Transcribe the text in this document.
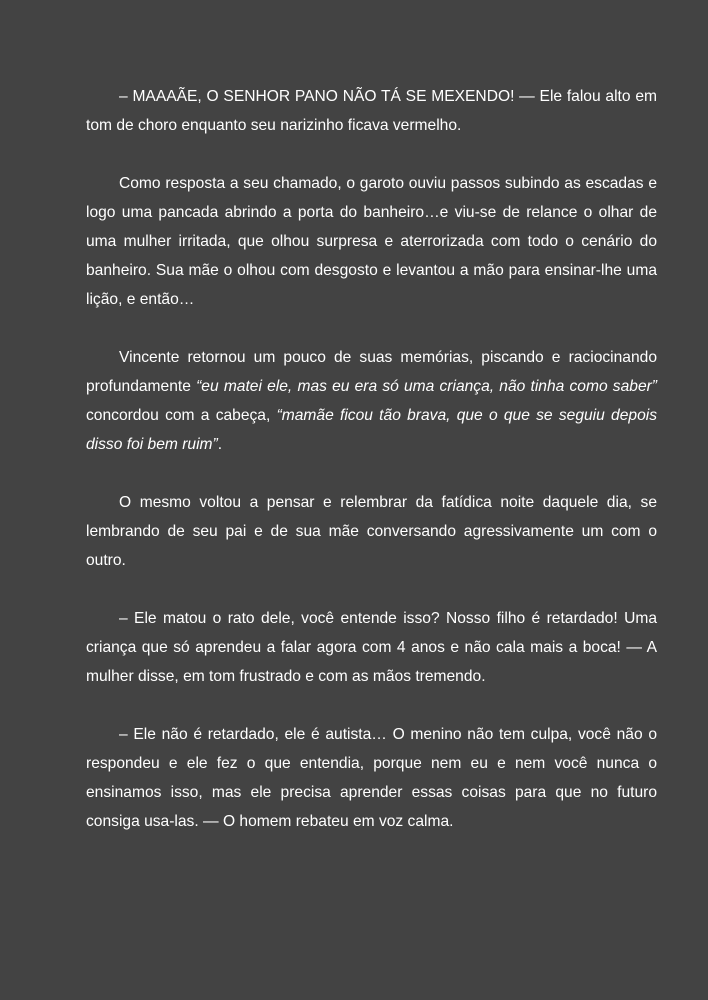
– MAAAÃE, O SENHOR PANO NÃO TÁ SE MEXENDO! — Ele falou alto em tom de choro enquanto seu narizinho ficava vermelho.

Como resposta a seu chamado, o garoto ouviu passos subindo as escadas e logo uma pancada abrindo a porta do banheiro…e viu-se de relance o olhar de uma mulher irritada, que olhou surpresa e aterrorizada com todo o cenário do banheiro. Sua mãe o olhou com desgosto e levantou a mão para ensinar-lhe uma lição, e então…

Vincente retornou um pouco de suas memórias, piscando e raciocinando profundamente “eu matei ele, mas eu era só uma criança, não tinha como saber” concordou com a cabeça, “mamãe ficou tão brava, que o que se seguiu depois disso foi bem ruim”.

O mesmo voltou a pensar e relembrar da fatídica noite daquele dia, se lembrando de seu pai e de sua mãe conversando agressivamente um com o outro.

– Ele matou o rato dele, você entende isso? Nosso filho é retardado! Uma criança que só aprendeu a falar agora com 4 anos e não cala mais a boca! — A mulher disse, em tom frustrado e com as mãos tremendo.

– Ele não é retardado, ele é autista… O menino não tem culpa, você não o respondeu e ele fez o que entendia, porque nem eu e nem você nunca o ensinamos isso, mas ele precisa aprender essas coisas para que no futuro consiga usa-las. — O homem rebateu em voz calma.
